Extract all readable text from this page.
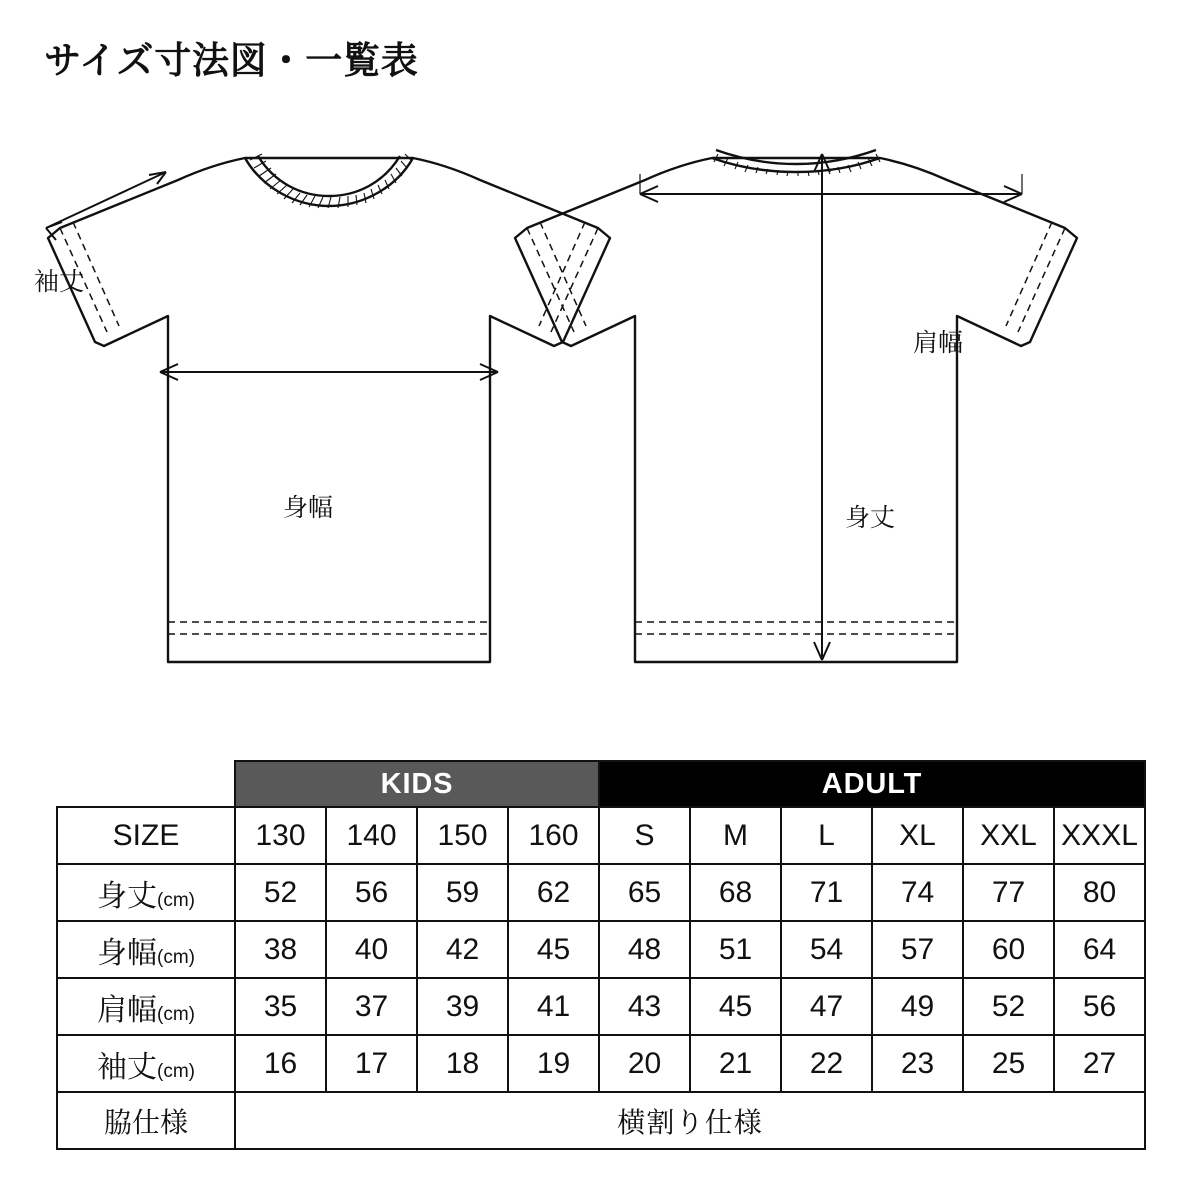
サイズ寸法図・一覧表
袖丈
身幅
肩幅
身丈
	KIDS				ADULT					
SIZE	130	140	150	160	S	M	L	XL	XXL	XXXL
身丈(cm)	52	56	59	62	65	68	71	74	77	80
身幅(cm)	38	40	42	45	48	51	54	57	60	64
肩幅(cm)	35	37	39	41	43	45	47	49	52	56
袖丈(cm)	16	17	18	19	20	21	22	23	25	27
脇仕様	横割り仕様									
